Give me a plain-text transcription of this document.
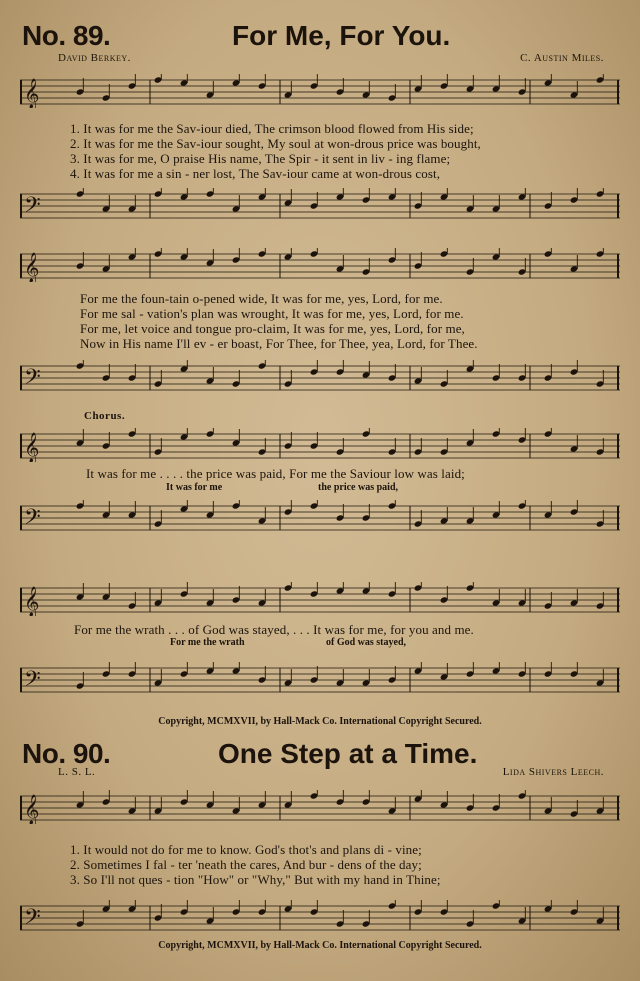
No. 89.	For Me, For You.
David Berkey.	C. Austin Miles.
𝄞
1. It was for me the Sav-iour died, The crimson blood flowed from His side;
2. It was for me the Sav-iour sought, My soul at won-drous price was bought,
3. It was for me, O praise His name, The Spir - it sent in liv - ing flame;
4. It was for me a sin - ner lost, The Sav-iour came at won-drous cost,
𝄢
𝄞
For me the foun-tain o-pened wide, It was for me, yes, Lord, for me.
For me sal - vation's plan was wrought, It was for me, yes, Lord, for me.
For me, let voice and tongue pro-claim, It was for me, yes, Lord, for me,
Now in His name I'll ev - er boast, For Thee, for Thee, yea, Lord, for Thee.
𝄢
Chorus.
𝄞
It was for me . . . . the price was paid, For me the Saviour low was laid;
It was for me	the price was paid,
𝄢
𝄞
For me the wrath . . . of God was stayed, . . . It was for me, for you and me.
For me the wrath	of God was stayed,
𝄢
Copyright, MCMXVII, by Hall-Mack Co. International Copyright Secured.
No. 90.	One Step at a Time.
L. S. L.	Lida Shivers Leech.
𝄞
1. It would not do for me to know. God's thot's and plans di - vine;
2. Sometimes I fal - ter 'neath the cares, And bur - dens of the day;
3. So I'll not ques - tion "How" or "Why," But with my hand in Thine;
𝄢
Copyright, MCMXVII, by Hall-Mack Co. International Copyright Secured.
